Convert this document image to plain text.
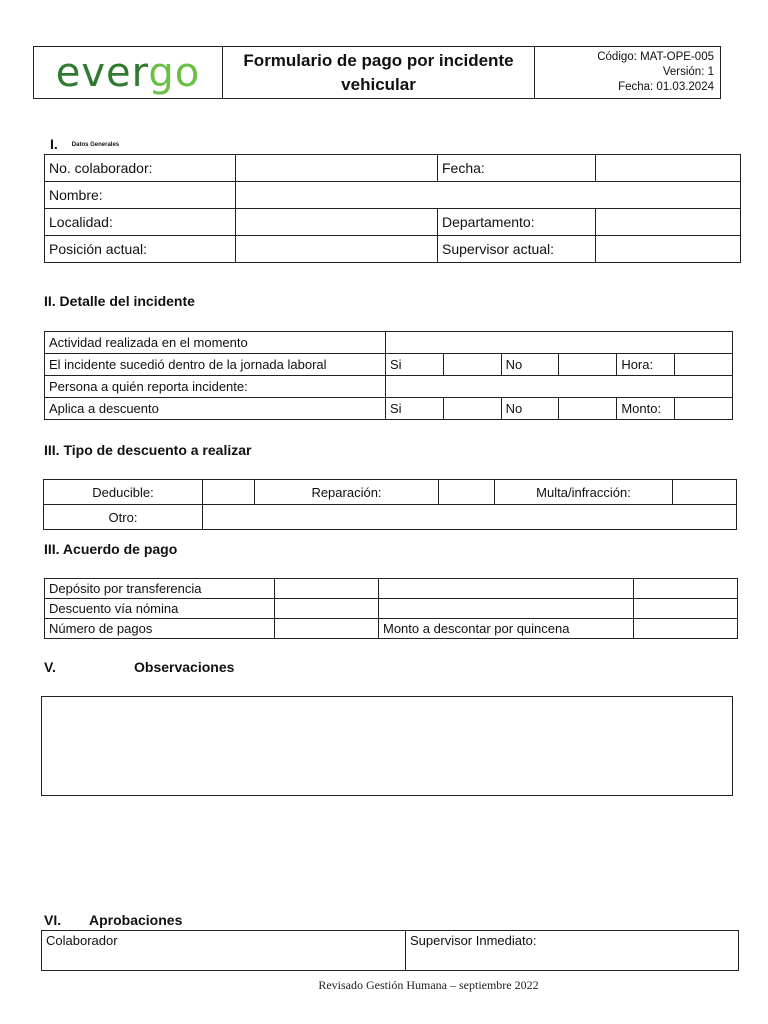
evergo	Formulario de pago por incidente vehicular

Código: MAT-OPE-005
Versión: 1
Fecha: 01.03.2024
I. Datos Generales
No. colaborador:		Fecha:	
Nombre:			
Localidad:		Departamento:	
Posición actual:		Supervisor actual:	
II. Detalle del incidente
Actividad realizada en el momento						
El incidente sucedió dentro de la jornada laboral	Si		No		Hora:	
Persona a quién reporta incidente:						
Aplica a descuento	Si		No		Monto:	
III. Tipo de descuento a realizar
Deducible:		Reparación:		Multa/infracción:	
Otro:					
III. Acuerdo de pago
Depósito por transferencia			
Descuento vía nómina			
Número de pagos		Monto a descontar por quincena	
V.	Observaciones
VI. Aprobaciones
Colaborador	Supervisor Inmediato:
Revisado Gestión Humana – septiembre 2022
